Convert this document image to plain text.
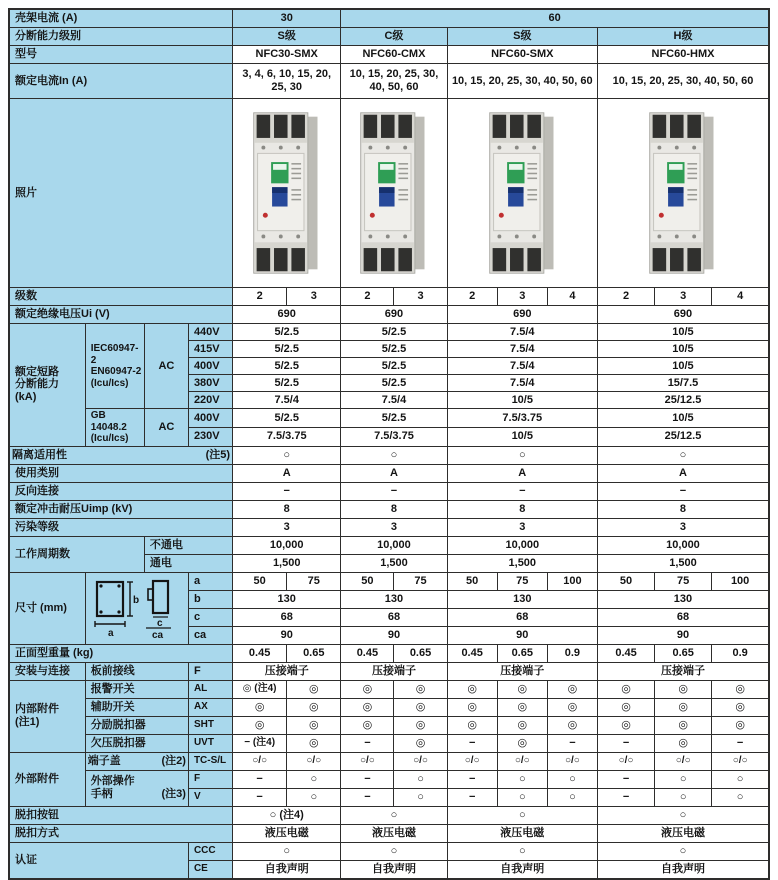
壳架电流 (A)				30		60							
分断能力级别				S级		C级		S级			H级		
型号				NFC30-SMX		NFC60-CMX		NFC60-SMX			NFC60-HMX		
额定电流In (A)				3, 4, 6, 10, 15, 20, 25, 30		10, 15, 20, 25, 30, 40, 50, 60		10, 15, 20, 25, 30, 40, 50, 60			10, 15, 20, 25, 30, 40, 50, 60		
照片	

级数				2	3	2	3	2	3	4	2	3	4
额定绝缘电压Ui (V)				690		690		690			690		
额定短路
分断能力
(kA)	IEC60947-2
EN60947-2
(Icu/Ics)	AC	440V	5/2.5		5/2.5		7.5/4			10/5		
			415V	5/2.5		5/2.5		7.5/4			10/5		
			400V	5/2.5		5/2.5		7.5/4			10/5		
			380V	5/2.5		5/2.5		7.5/4			15/7.5		
			220V	7.5/4		7.5/4		10/5			25/12.5		
	GB 14048.2
(Icu/Ics)	AC	400V	5/2.5		5/2.5		7.5/3.75			10/5		
			230V	7.5/3.75		7.5/3.75		10/5			25/12.5		

隔离适用性 (注5)				○		○		○			○		
使用类别				A		A		A			A		
反向连接				−		−		−			−		
额定冲击耐压Uimp (kV)				8		8		8			8		
污染等级				3		3		3			3		
工作周期数		不通电		10,000		10,000		10,000			10,000		
		通电		1,500		1,500		1,500			1,500		
尺寸 (mm)	a
b
c
ca		a	50	75	50	75	50	75	100	50	75	100
			b	130		130		130			130		
			c	68		68		68			68		
			ca	90		90		90			90		
正面型重量 (kg)				0.45	0.65	0.45	0.65	0.45	0.65	0.9	0.45	0.65	0.9
安装与连接	板前接线		F	压接端子		压接端子		压接端子			压接端子		
内部附件
(注1)	报警开关		AL	◎ (注4)	◎	◎	◎	◎	◎	◎	◎	◎	◎
	辅助开关		AX	◎	◎	◎	◎	◎	◎	◎	◎	◎	◎
	分励脱扣器		SHT	◎	◎	◎	◎	◎	◎	◎	◎	◎	◎
	欠压脱扣器		UVT	− (注4)	◎	−	◎	−	◎	−	−	◎	−
外部附件	端子盖 (注2)		TC-S/L	○/○	○/○	○/○	○/○	○/○	○/○	○/○	○/○	○/○	○/○

	外部操作
手柄 (注3)		F	−	○	−	○	−	○	○	−	○	○
			V	−	○	−	○	−	○	○	−	○	○
脱扣按钮				○ (注4)		○		○			○		
脱扣方式				液压电磁		液压电磁		液压电磁			液压电磁		
认证			CCC	○		○		○			○		
			CE	自我声明		自我声明		自我声明			自我声明		
